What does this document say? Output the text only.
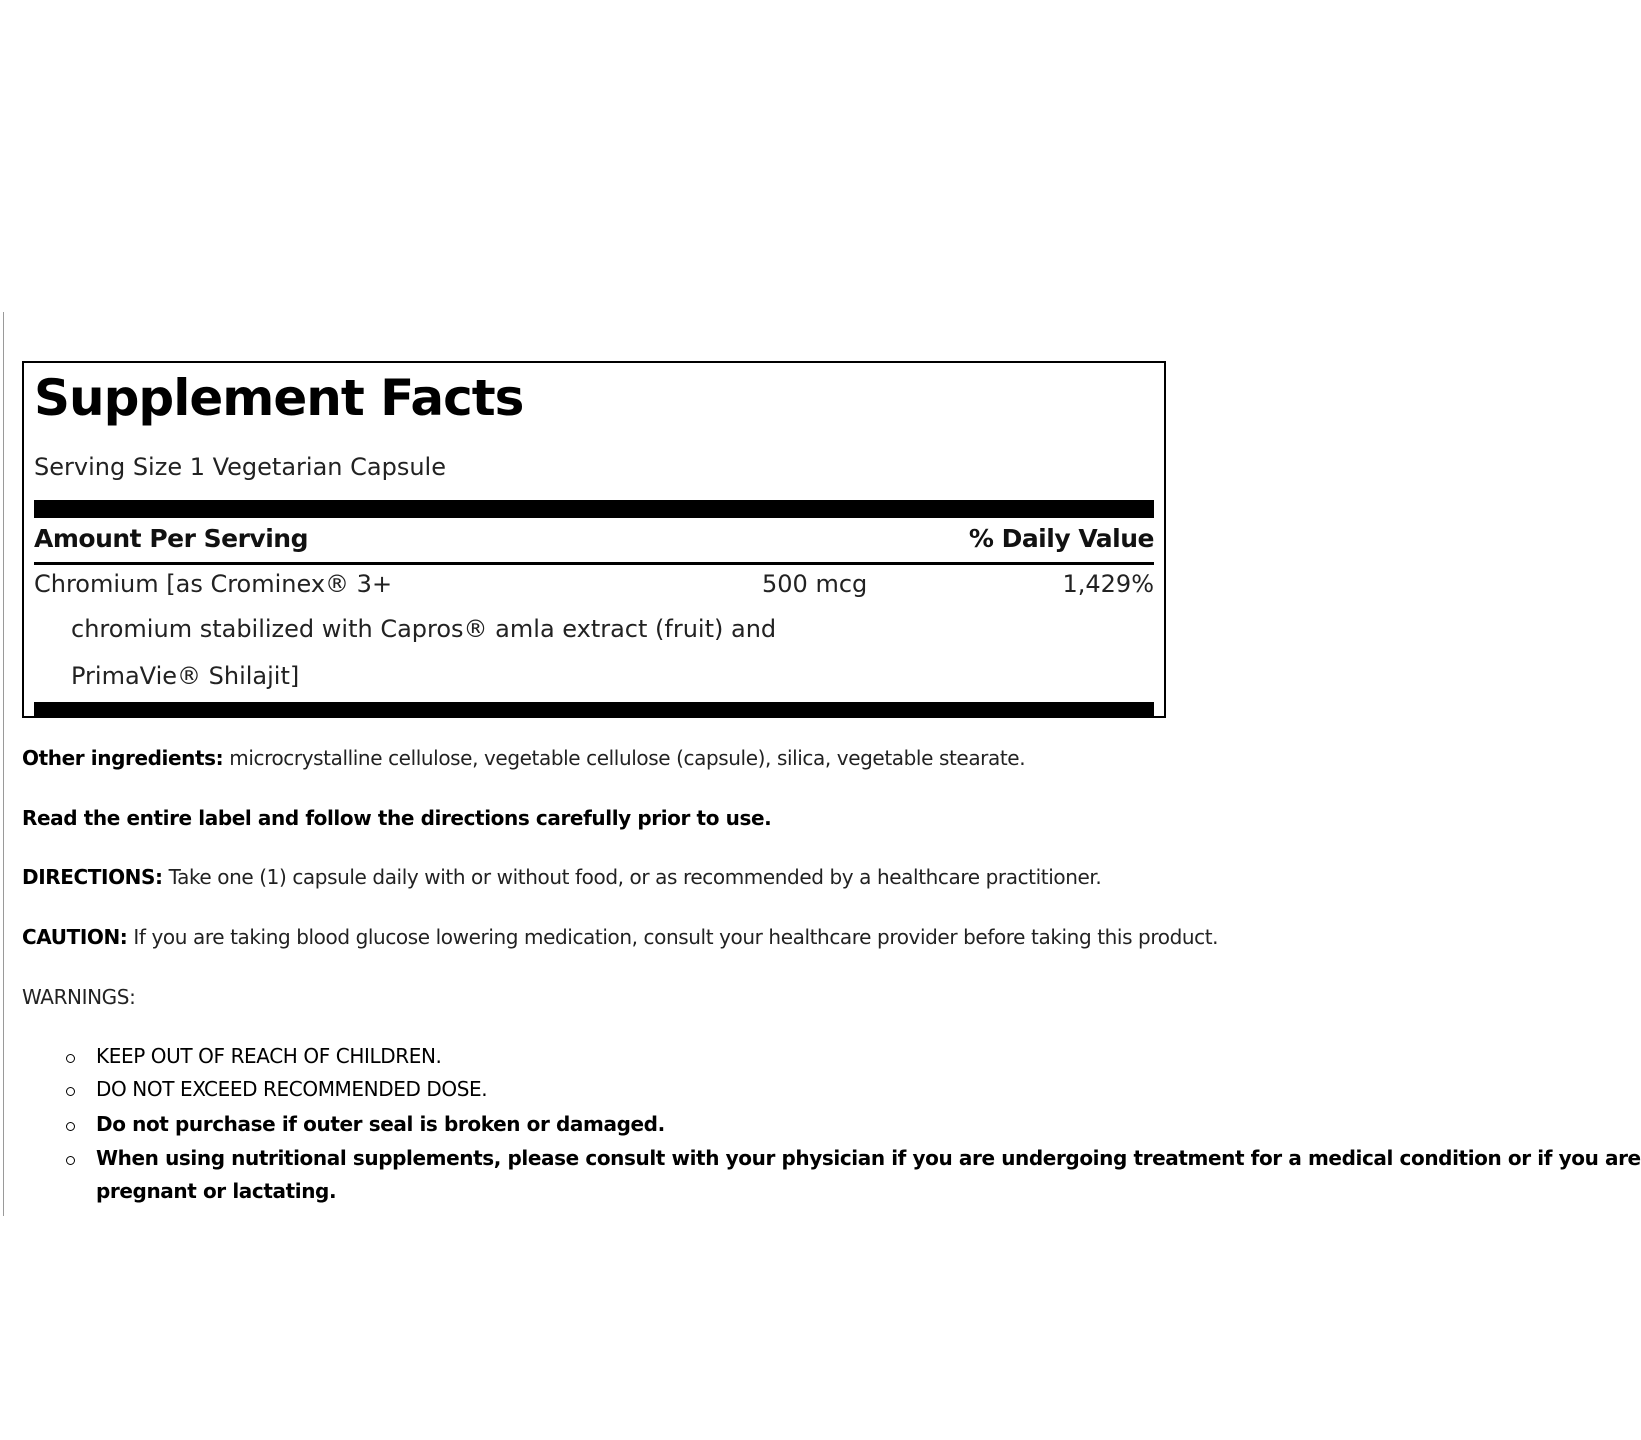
Supplement Facts
Serving Size 1 Vegetarian Capsule
Amount Per Serving	% Daily Value
Chromium [as Crominex® 3+	500 mcg	1,429%
chromium stabilized with Capros® amla extract (fruit) and
PrimaVie® Shilajit]
Other ingredients: microcrystalline cellulose, vegetable cellulose (capsule), silica, vegetable stearate.
Read the entire label and follow the directions carefully prior to use.
DIRECTIONS: Take one (1) capsule daily with or without food, or as recommended by a healthcare practitioner.
CAUTION: If you are taking blood glucose lowering medication, consult your healthcare provider before taking this product.
WARNINGS:
KEEP OUT OF REACH OF CHILDREN.
DO NOT EXCEED RECOMMENDED DOSE.
Do not purchase if outer seal is broken or damaged.
When using nutritional supplements, please consult with your physician if you are undergoing treatment for a medical condition or if you are
pregnant or lactating.
